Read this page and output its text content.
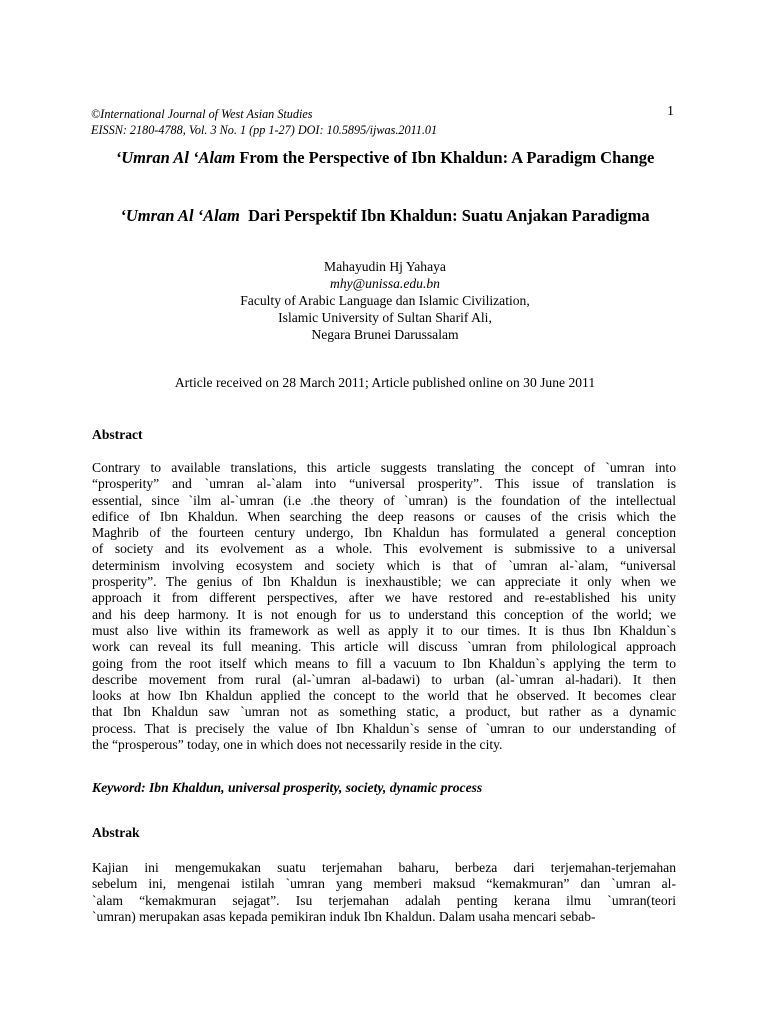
©International Journal of West Asian Studies
EISSN: 2180-4788, Vol. 3 No. 1 (pp 1-27) DOI: 10.5895/ijwas.2011.01
1
‘Umran Al ‘Alam From the Perspective of Ibn Khaldun: A Paradigm Change
‘Umran Al ‘Alam  Dari Perspektif Ibn Khaldun: Suatu Anjakan Paradigma
Mahayudin Hj Yahaya
mhy@unissa.edu.bn
Faculty of Arabic Language dan Islamic Civilization,
Islamic University of Sultan Sharif Ali,
Negara Brunei Darussalam
Article received on 28 March 2011; Article published online on 30 June 2011
Abstract
Contrary to available translations, this article suggests translating the concept of `umran into
“prosperity” and `umran al-`alam into “universal prosperity”. This issue of translation is
essential, since `ilm al-`umran (i.e .the theory of `umran) is the foundation of the intellectual
edifice of Ibn Khaldun. When searching the deep reasons or causes of the crisis which the
Maghrib of the fourteen century undergo, Ibn Khaldun has formulated a general conception
of society and its evolvement as a whole. This evolvement is submissive to a universal
determinism involving ecosystem and society which is that of `umran al-`alam, “universal
prosperity”. The genius of Ibn Khaldun is inexhaustible; we can appreciate it only when we
approach it from different perspectives, after we have restored and re-established his unity
and his deep harmony. It is not enough for us to understand this conception of the world; we
must also live within its framework as well as apply it to our times. It is thus Ibn Khaldun`s
work can reveal its full meaning. This article will discuss `umran from philological approach
going from the root itself which means to fill a vacuum to Ibn Khaldun`s applying the term to
describe movement from rural (al-`umran al-badawi) to urban (al-`umran al-hadari). It then
looks at how Ibn Khaldun applied the concept to the world that he observed. It becomes clear
that Ibn Khaldun saw `umran not as something static, a product, but rather as a dynamic
process. That is precisely the value of Ibn Khaldun`s sense of `umran to our understanding of
the “prosperous” today, one in which does not necessarily reside in the city.
Keyword: Ibn Khaldun, universal prosperity, society, dynamic process
Abstrak
Kajian ini mengemukakan suatu terjemahan baharu, berbeza dari terjemahan-terjemahan
sebelum ini, mengenai istilah `umran yang memberi maksud “kemakmuran” dan `umran al-
`alam “kemakmuran sejagat”. Isu terjemahan adalah penting kerana ilmu `umran(teori
`umran) merupakan asas kepada pemikiran induk Ibn Khaldun. Dalam usaha mencari sebab-
